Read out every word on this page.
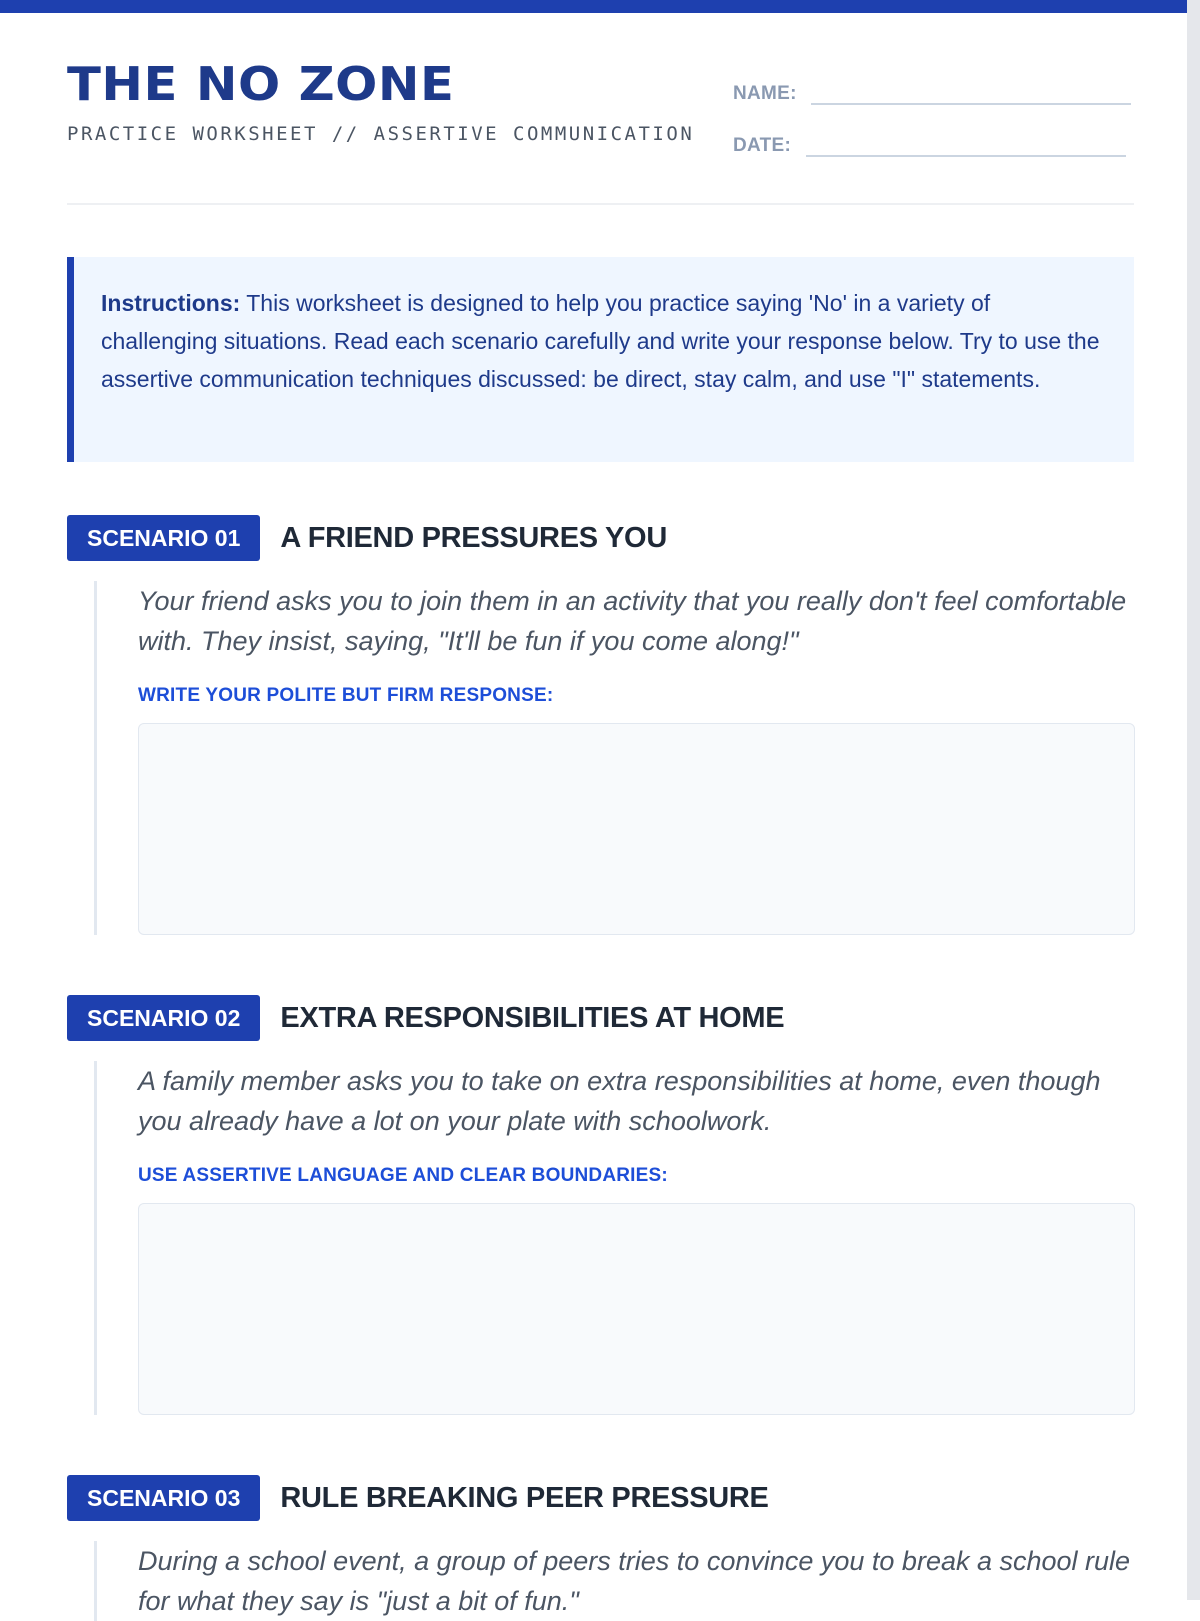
THE NO ZONE
PRACTICE WORKSHEET // ASSERTIVE COMMUNICATION
NAME:
DATE:
Instructions: This worksheet is designed to help you practice saying 'No' in a variety of challenging situations. Read each scenario carefully and write your response below. Try to use the assertive communication techniques discussed: be direct, stay calm, and use "I" statements.
SCENARIO 01	A FRIEND PRESSURES YOU

Your friend asks you to join them in an activity that you really don't feel comfortable with. They insist, saying, "It'll be fun if you come along!"

WRITE YOUR POLITE BUT FIRM RESPONSE:
SCENARIO 02	EXTRA RESPONSIBILITIES AT HOME

A family member asks you to take on extra responsibilities at home, even though you already have a lot on your plate with schoolwork.

USE ASSERTIVE LANGUAGE AND CLEAR BOUNDARIES:
SCENARIO 03	RULE BREAKING PEER PRESSURE

During a school event, a group of peers tries to convince you to break a school rule for what they say is "just a bit of fun."
